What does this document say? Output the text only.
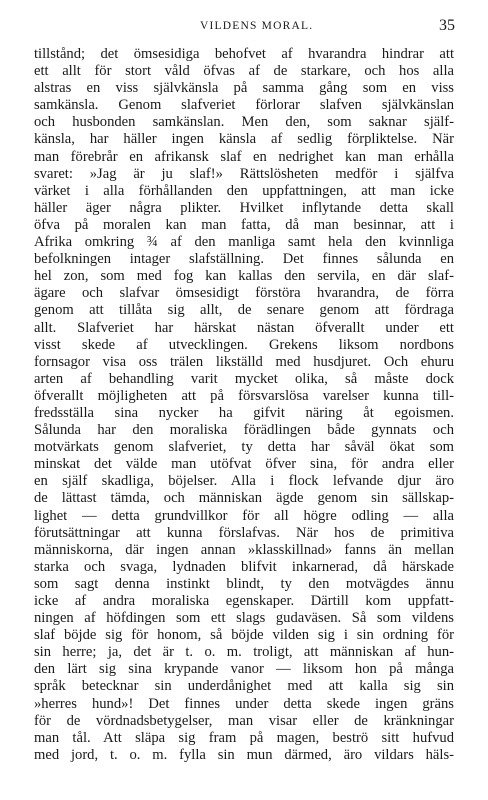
VILDENS MORAL.	35
tillstånd; det ömsesidiga behofvet af hvarandra hindrar att
ett allt för stort våld öfvas af de starkare, och hos alla
alstras en viss självkänsla på samma gång som en viss
samkänsla. Genom slafveriet förlorar slafven självkänslan
och husbonden samkänslan. Men den, som saknar själf-
känsla, har häller ingen känsla af sedlig förpliktelse. När
man förebrår en afrikansk slaf en nedrighet kan man erhålla
svaret: »Jag är ju slaf!» Rättslösheten medför i själfva
värket i alla förhållanden den uppfattningen, att man icke
häller äger några plikter. Hvilket inflytande detta skall
öfva på moralen kan man fatta, då man besinnar, att i
Afrika omkring ¾ af den manliga samt hela den kvinnliga
befolkningen intager slafställning. Det finnes sålunda en
hel zon, som med fog kan kallas den servila, en där slaf-
ägare och slafvar ömsesidigt förstöra hvarandra, de förra
genom att tillåta sig allt, de senare genom att fördraga
allt. Slafveriet har härskat nästan öfverallt under ett
visst skede af utvecklingen. Grekens liksom nordbons
fornsagor visa oss trälen likställd med husdjuret. Och ehuru
arten af behandling varit mycket olika, så måste dock
öfverallt möjligheten att på försvarslösa varelser kunna till-
fredsställa sina nycker ha gifvit näring åt egoismen.
Sålunda har den moraliska förädlingen både gynnats och
motvärkats genom slafveriet, ty detta har såväl ökat som
minskat det välde man utöfvat öfver sina, för andra eller
en själf skadliga, böjelser. Alla i flock lefvande djur äro
de lättast tämda, och människan ägde genom sin sällskap-
lighet — detta grundvillkor för all högre odling — alla
förutsättningar att kunna förslafvas. När hos de primitiva
människorna, där ingen annan »klasskillnad» fanns än mellan
starka och svaga, lydnaden blifvit inkarnerad, då härskade
som sagt denna instinkt blindt, ty den motvägdes ännu
icke af andra moraliska egenskaper. Därtill kom uppfatt-
ningen af höfdingen som ett slags gudaväsen. Så som vildens
slaf böjde sig för honom, så böjde vilden sig i sin ordning för
sin herre; ja, det är t. o. m. troligt, att människan af hun-
den lärt sig sina krypande vanor — liksom hon på många
språk betecknar sin underdånighet med att kalla sig sin
»herres hund»! Det finnes under detta skede ingen gräns
för de vördnadsbetygelser, man visar eller de kränkningar
man tål. Att släpa sig fram på magen, beströ sitt hufvud
med jord, t. o. m. fylla sin mun därmed, äro vildars häls-
